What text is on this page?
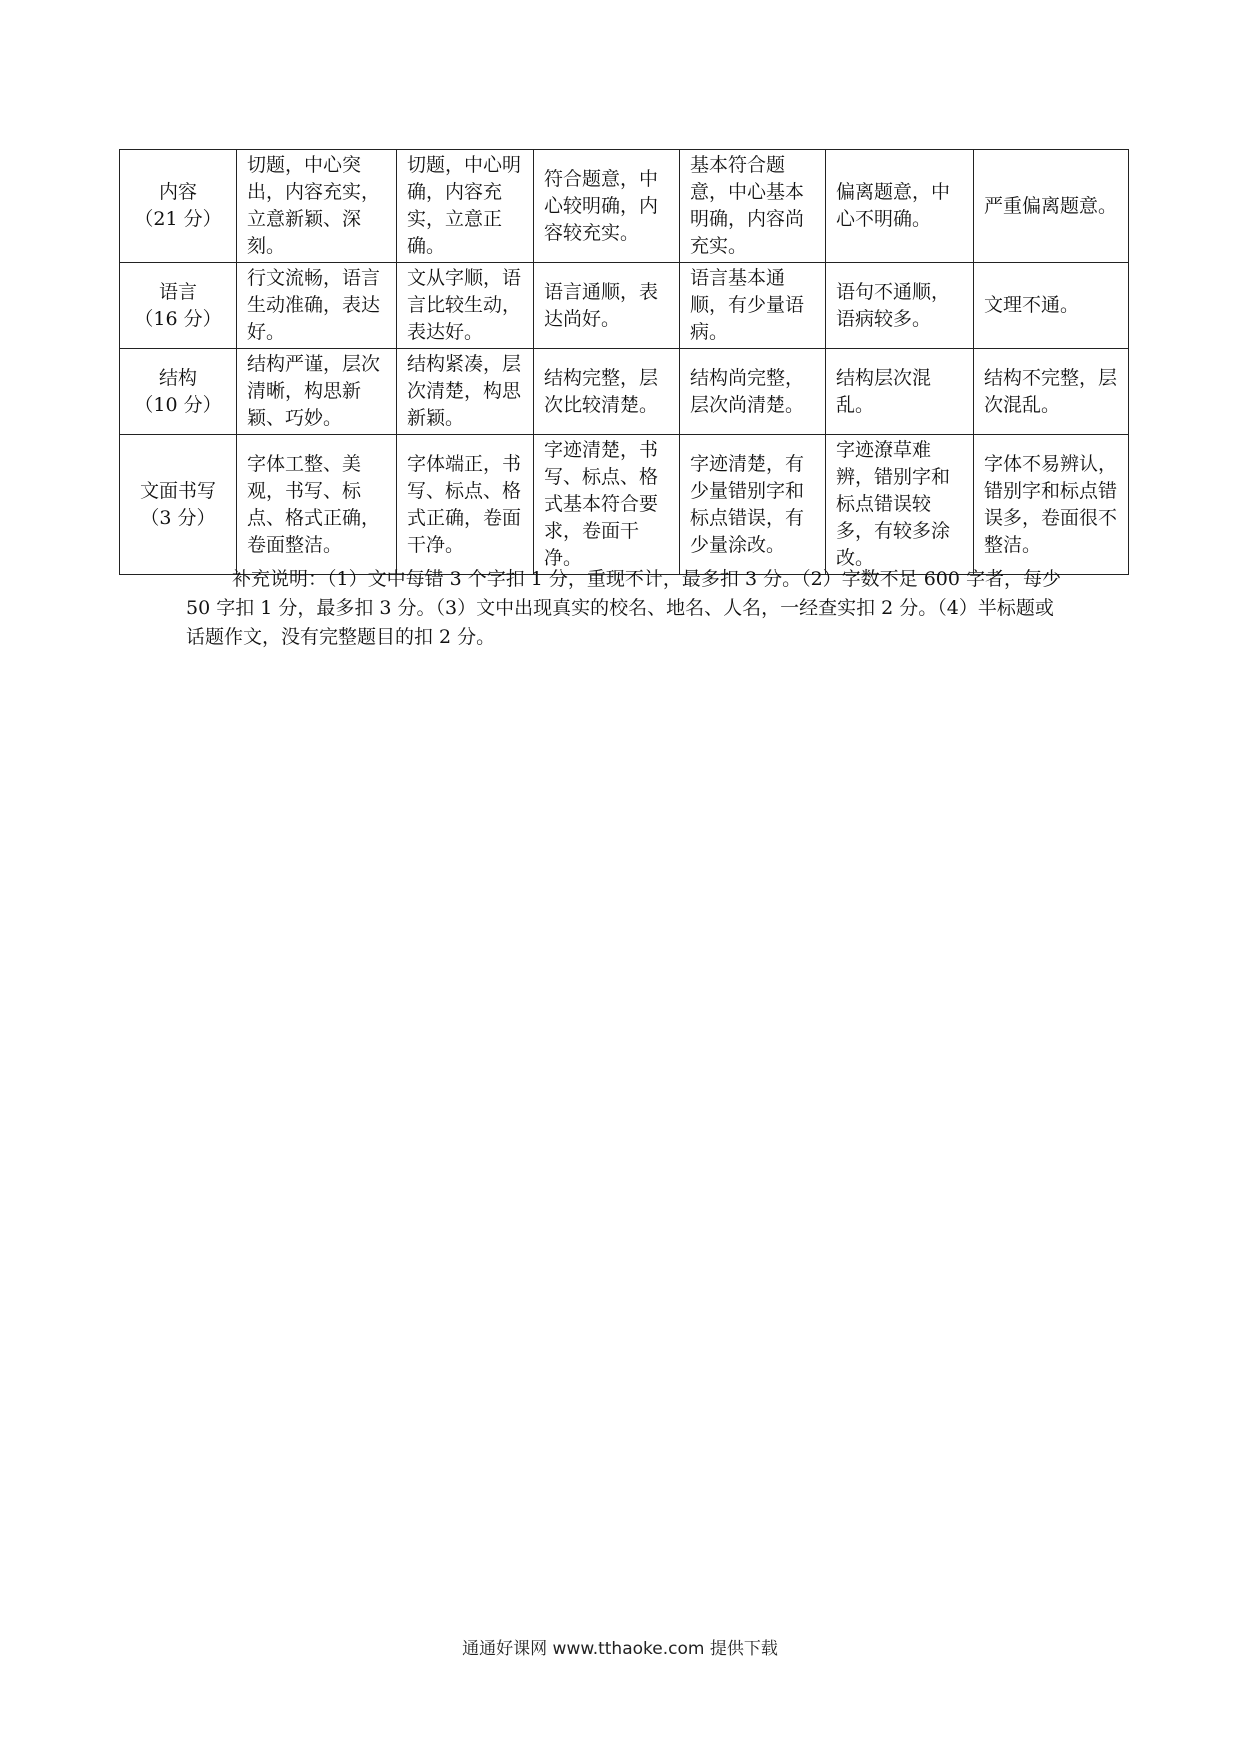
内容
（21 分）	切题，中心突出，内容充实，立意新颖、深刻。	切题，中心明确，内容充实，立意正确。	符合题意，中心较明确，内容较充实。	基本符合题意，中心基本明确，内容尚充实。	偏离题意，中心不明确。	严重偏离题意。

语言
（16 分）	行文流畅，语言生动准确，表达好。	文从字顺，语言比较生动，表达好。	语言通顺，表达尚好。	语言基本通顺，有少量语病。	语句不通顺，语病较多。	文理不通。

结构
（10 分）	结构严谨，层次清晰，构思新颖、巧妙。	结构紧凑，层次清楚，构思新颖。	结构完整，层次比较清楚。	结构尚完整，层次尚清楚。	结构层次混乱。	结构不完整，层次混乱。

文面书写
（3 分）	字体工整、美观，书写、标点、格式正确，卷面整洁。	字体端正，书写、标点、格式正确，卷面干净。	字迹清楚，书写、标点、格式基本符合要求，卷面干净。	字迹清楚，有少量错别字和标点错误，有少量涂改。	字迹潦草难辨，错别字和标点错误较多，有较多涂改。	字体不易辨认，错别字和标点错误多，卷面很不整洁。

补充说明：（1）文中每错 3 个字扣 1 分，重现不计，最多扣 3 分。（2）字数不足 600 字者，每少 50 字扣 1 分，最多扣 3 分。（3）文中出现真实的校名、地名、人名，一经查实扣 2 分。（4）半标题或话题作文，没有完整题目的扣 2 分。

通通好课网 www.tthaoke.com 提供下载
